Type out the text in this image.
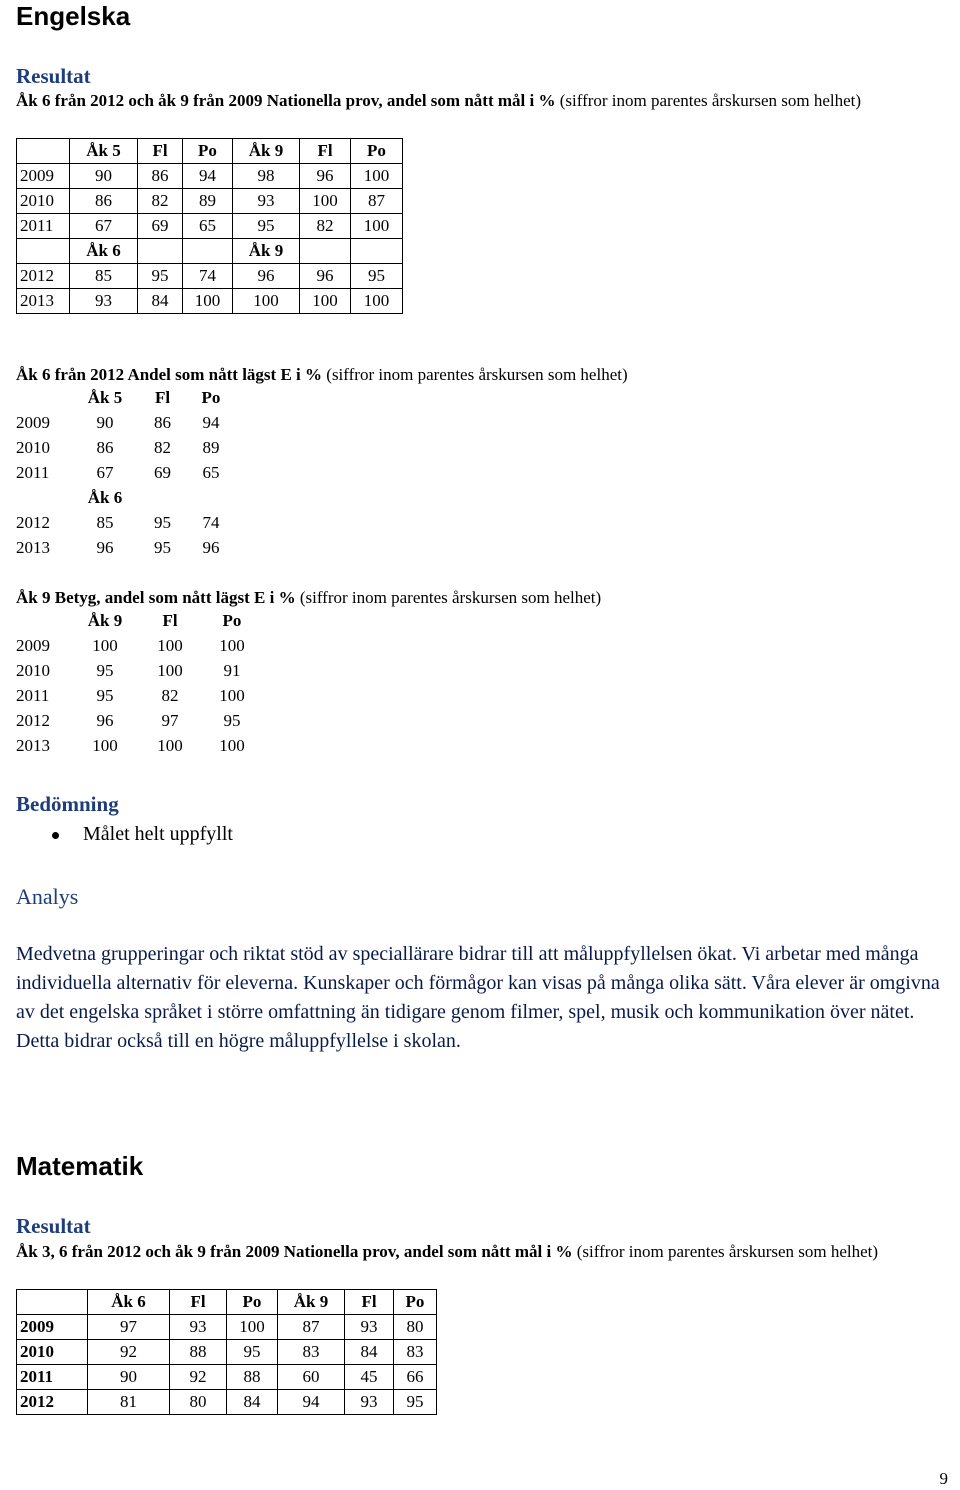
Engelska
Resultat
Åk 6 från 2012 och åk 9 från 2009 Nationella prov, andel som nått mål i % (siffror inom parentes årskursen som helhet)
	Åk 5	Fl	Po	Åk 9	Fl	Po
2009	90	86	94	98	96	100
2010	86	82	89	93	100	87
2011	67	69	65	95	82	100
	Åk 6			Åk 9		
2012	85	95	74	96	96	95
2013	93	84	100	100	100	100
Åk 6 från 2012 Andel som nått lägst E i % (siffror inom parentes årskursen som helhet)
	Åk 5	Fl	Po
2009	90	86	94
2010	86	82	89
2011	67	69	65
	Åk 6		
2012	85	95	74
2013	96	95	96
Åk 9 Betyg, andel som nått lägst E i % (siffror inom parentes årskursen som helhet)
	Åk 9	Fl	Po
2009	100	100	100
2010	95	100	91
2011	95	82	100
2012	96	97	95
2013	100	100	100
Bedömning
Målet helt uppfyllt
Analys
Medvetna grupperingar och riktat stöd av speciallärare bidrar till att måluppfyllelsen ökat. Vi arbetar med många individuella alternativ för eleverna. Kunskaper och förmågor kan visas på många olika sätt. Våra elever är omgivna av det engelska språket i större omfattning än tidigare genom filmer, spel, musik och kommunikation över nätet. Detta bidrar också till en högre måluppfyllelse i skolan.
Matematik
Resultat
Åk 3, 6 från 2012 och åk 9 från 2009 Nationella prov, andel som nått mål i % (siffror inom parentes årskursen som helhet)
	Åk 6	Fl	Po	Åk 9	Fl	Po
2009	97	93	100	87	93	80
2010	92	88	95	83	84	83
2011	90	92	88	60	45	66
2012	81	80	84	94	93	95
9
